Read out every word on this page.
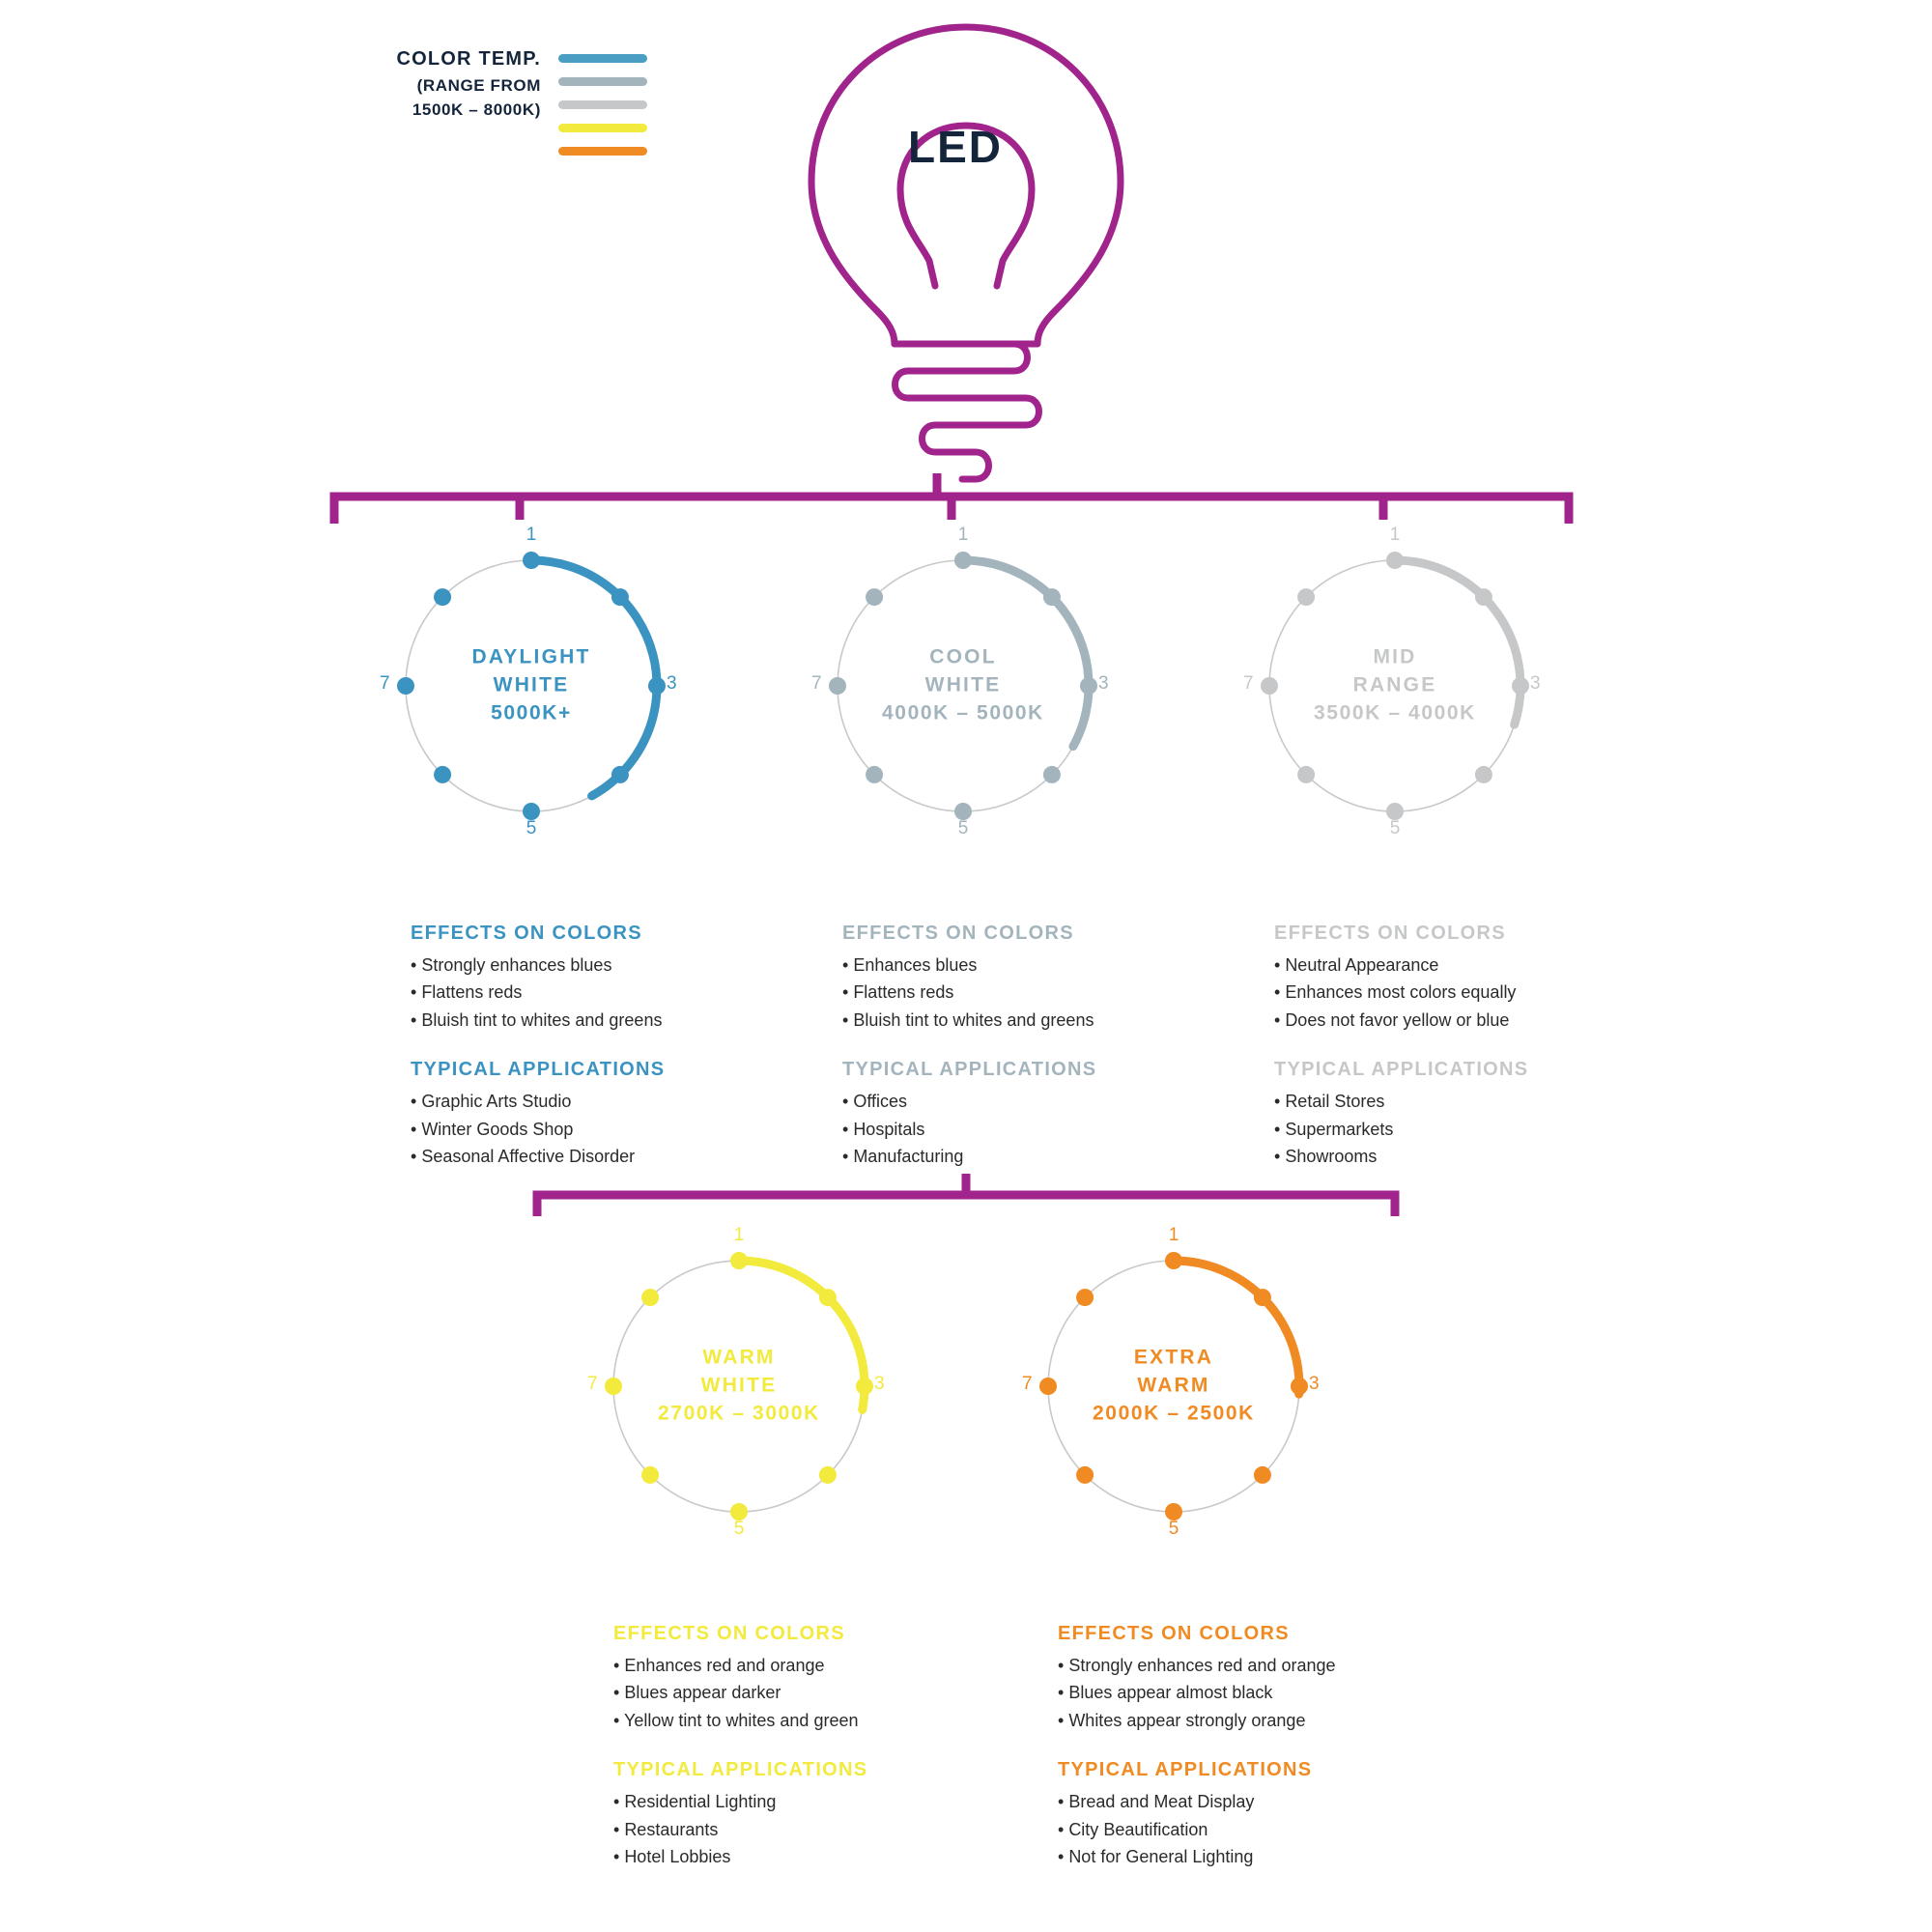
COLOR TEMP.
(RANGE FROM
1500K – 8000K)
LED
DAYLIGHT
WHITE
5000K+
1
3
5
7
COOL
WHITE
4000K – 5000K
1
3
5
7
MID
RANGE
3500K – 4000K
1
3
5
7
WARM
WHITE
2700K – 3000K
1
3
5
7
EXTRA
WARM
2000K – 2500K
1
3
5
7
EFFECTS ON COLORS
• Strongly enhances blues
• Flattens reds
• Bluish tint to whites and greens
TYPICAL APPLICATIONS
• Graphic Arts Studio
• Winter Goods Shop
• Seasonal Affective Disorder
EFFECTS ON COLORS
• Enhances blues
• Flattens reds
• Bluish tint to whites and greens
TYPICAL APPLICATIONS
• Offices
• Hospitals
• Manufacturing
EFFECTS ON COLORS
• Neutral Appearance
• Enhances most colors equally
• Does not favor yellow or blue
TYPICAL APPLICATIONS
• Retail Stores
• Supermarkets
• Showrooms
EFFECTS ON COLORS
• Enhances red and orange
• Blues appear darker
• Yellow tint to whites and green
TYPICAL APPLICATIONS
• Residential Lighting
• Restaurants
• Hotel Lobbies
EFFECTS ON COLORS
• Strongly enhances red and orange
• Blues appear almost black
• Whites appear strongly orange
TYPICAL APPLICATIONS
• Bread and Meat Display
• City Beautification
• Not for General Lighting
